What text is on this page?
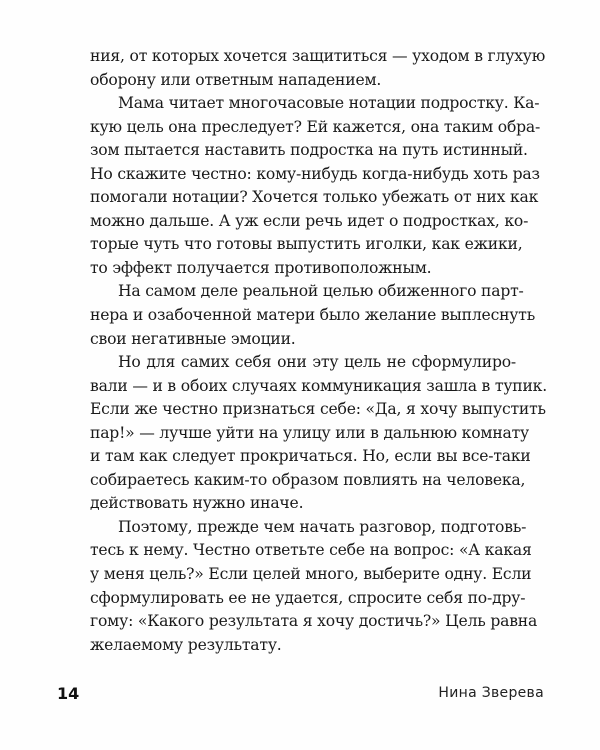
ния, от которых хочется защититься — уходом в глухую
оборону или ответным нападением.
Мама читает многочасовые нотации подростку. Ка-
кую цель она преследует? Ей кажется, она таким обра-
зом пытается наставить подростка на путь истинный.
Но скажите честно: кому-нибудь когда-нибудь хоть раз
помогали нотации? Хочется только убежать от них как
можно дальше. А уж если речь идет о подростках, ко-
торые чуть что готовы выпустить иголки, как ежики,
то эффект получается противоположным.
На самом деле реальной целью обиженного парт-
нера и озабоченной матери было желание выплеснуть
свои негативные эмоции.
Но для самих себя они эту цель не сформулиро-
вали — и в обоих случаях коммуникация зашла в тупик.
Если же честно признаться себе: «Да, я хочу выпустить
пар!» — лучше уйти на улицу или в дальнюю комнату
и там как следует прокричаться. Но, если вы все-таки
собираетесь каким-то образом повлиять на человека,
действовать нужно иначе.
Поэтому, прежде чем начать разговор, подготовь-
тесь к нему. Честно ответьте себе на вопрос: «А какая
у меня цель?» Если целей много, выберите одну. Если
сформулировать ее не удается, спросите себя по-дру-
гому: «Какого результата я хочу достичь?» Цель равна
желаемому результату.
14	Нина Зверева
